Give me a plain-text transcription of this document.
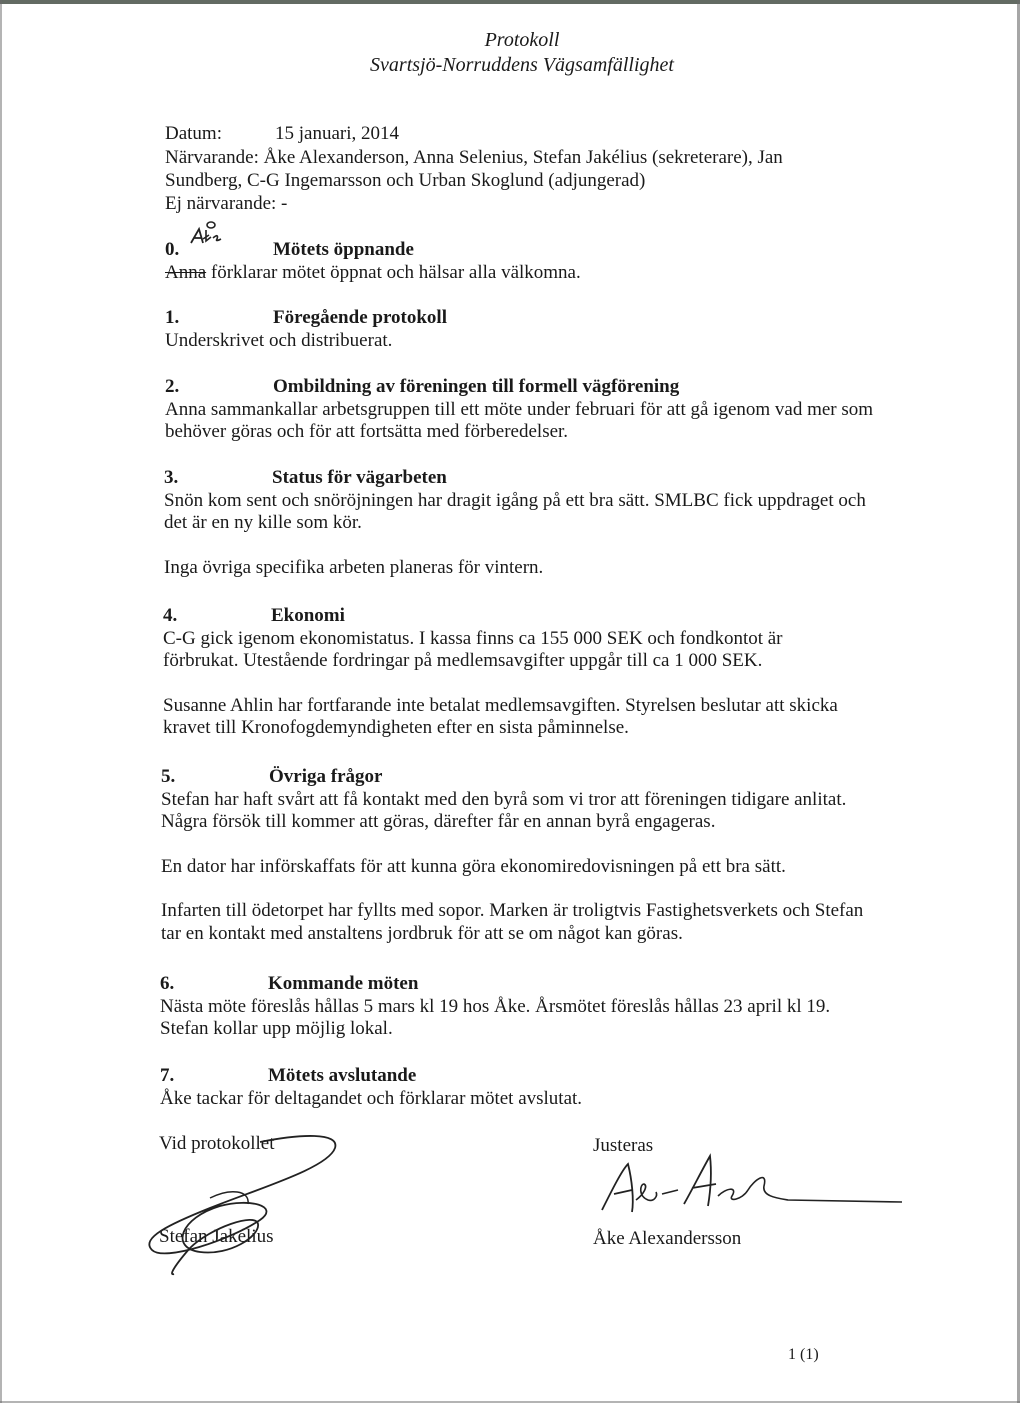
Protokoll
Svartsjö-Norruddens Vägsamfällighet
Datum:	15 januari, 2014
Närvarande: Åke Alexanderson, Anna Selenius, Stefan Jakélius (sekreterare), Jan
Sundberg, C-G Ingemarsson och Urban Skoglund (adjungerad)
Ej närvarande: -
0.	Mötets öppnande

Anna förklarar mötet öppnat och hälsar alla välkomna.

1.	Föregående protokoll

Underskrivet och distribuerat.

2.	Ombildning av föreningen till formell vägförening

Anna sammankallar arbetsgruppen till ett möte under februari för att gå igenom vad mer som

behöver göras och för att fortsätta med förberedelser.

3.	Status för vägarbeten

Snön kom sent och snöröjningen har dragit igång på ett bra sätt. SMLBC fick uppdraget och

det är en ny kille som kör.

Inga övriga specifika arbeten planeras för vintern.

4.	Ekonomi

C-G gick igenom ekonomistatus. I kassa finns ca 155 000 SEK och fondkontot är

förbrukat. Utestående fordringar på medlemsavgifter uppgår till ca 1 000 SEK.

Susanne Ahlin har fortfarande inte betalat medlemsavgiften. Styrelsen beslutar att skicka

kravet till Kronofogdemyndigheten efter en sista påminnelse.

5.	Övriga frågor

Stefan har haft svårt att få kontakt med den byrå som vi tror att föreningen tidigare anlitat.

Några försök till kommer att göras, därefter får en annan byrå engageras.

En dator har införskaffats för att kunna göra ekonomiredovisningen på ett bra sätt.

Infarten till ödetorpet har fyllts med sopor. Marken är troligtvis Fastighetsverkets och Stefan

tar en kontakt med anstaltens jordbruk för att se om något kan göras.

6.	Kommande möten

Nästa möte föreslås hållas 5 mars kl 19 hos Åke. Årsmötet föreslås hållas 23 april kl 19.

Stefan kollar upp möjlig lokal.

7.	Mötets avslutande

Åke tackar för deltagandet och förklarar mötet avslutat.

Vid protokollet
Stefan Jakélius
Justeras
Åke Alexandersson
1 (1)
